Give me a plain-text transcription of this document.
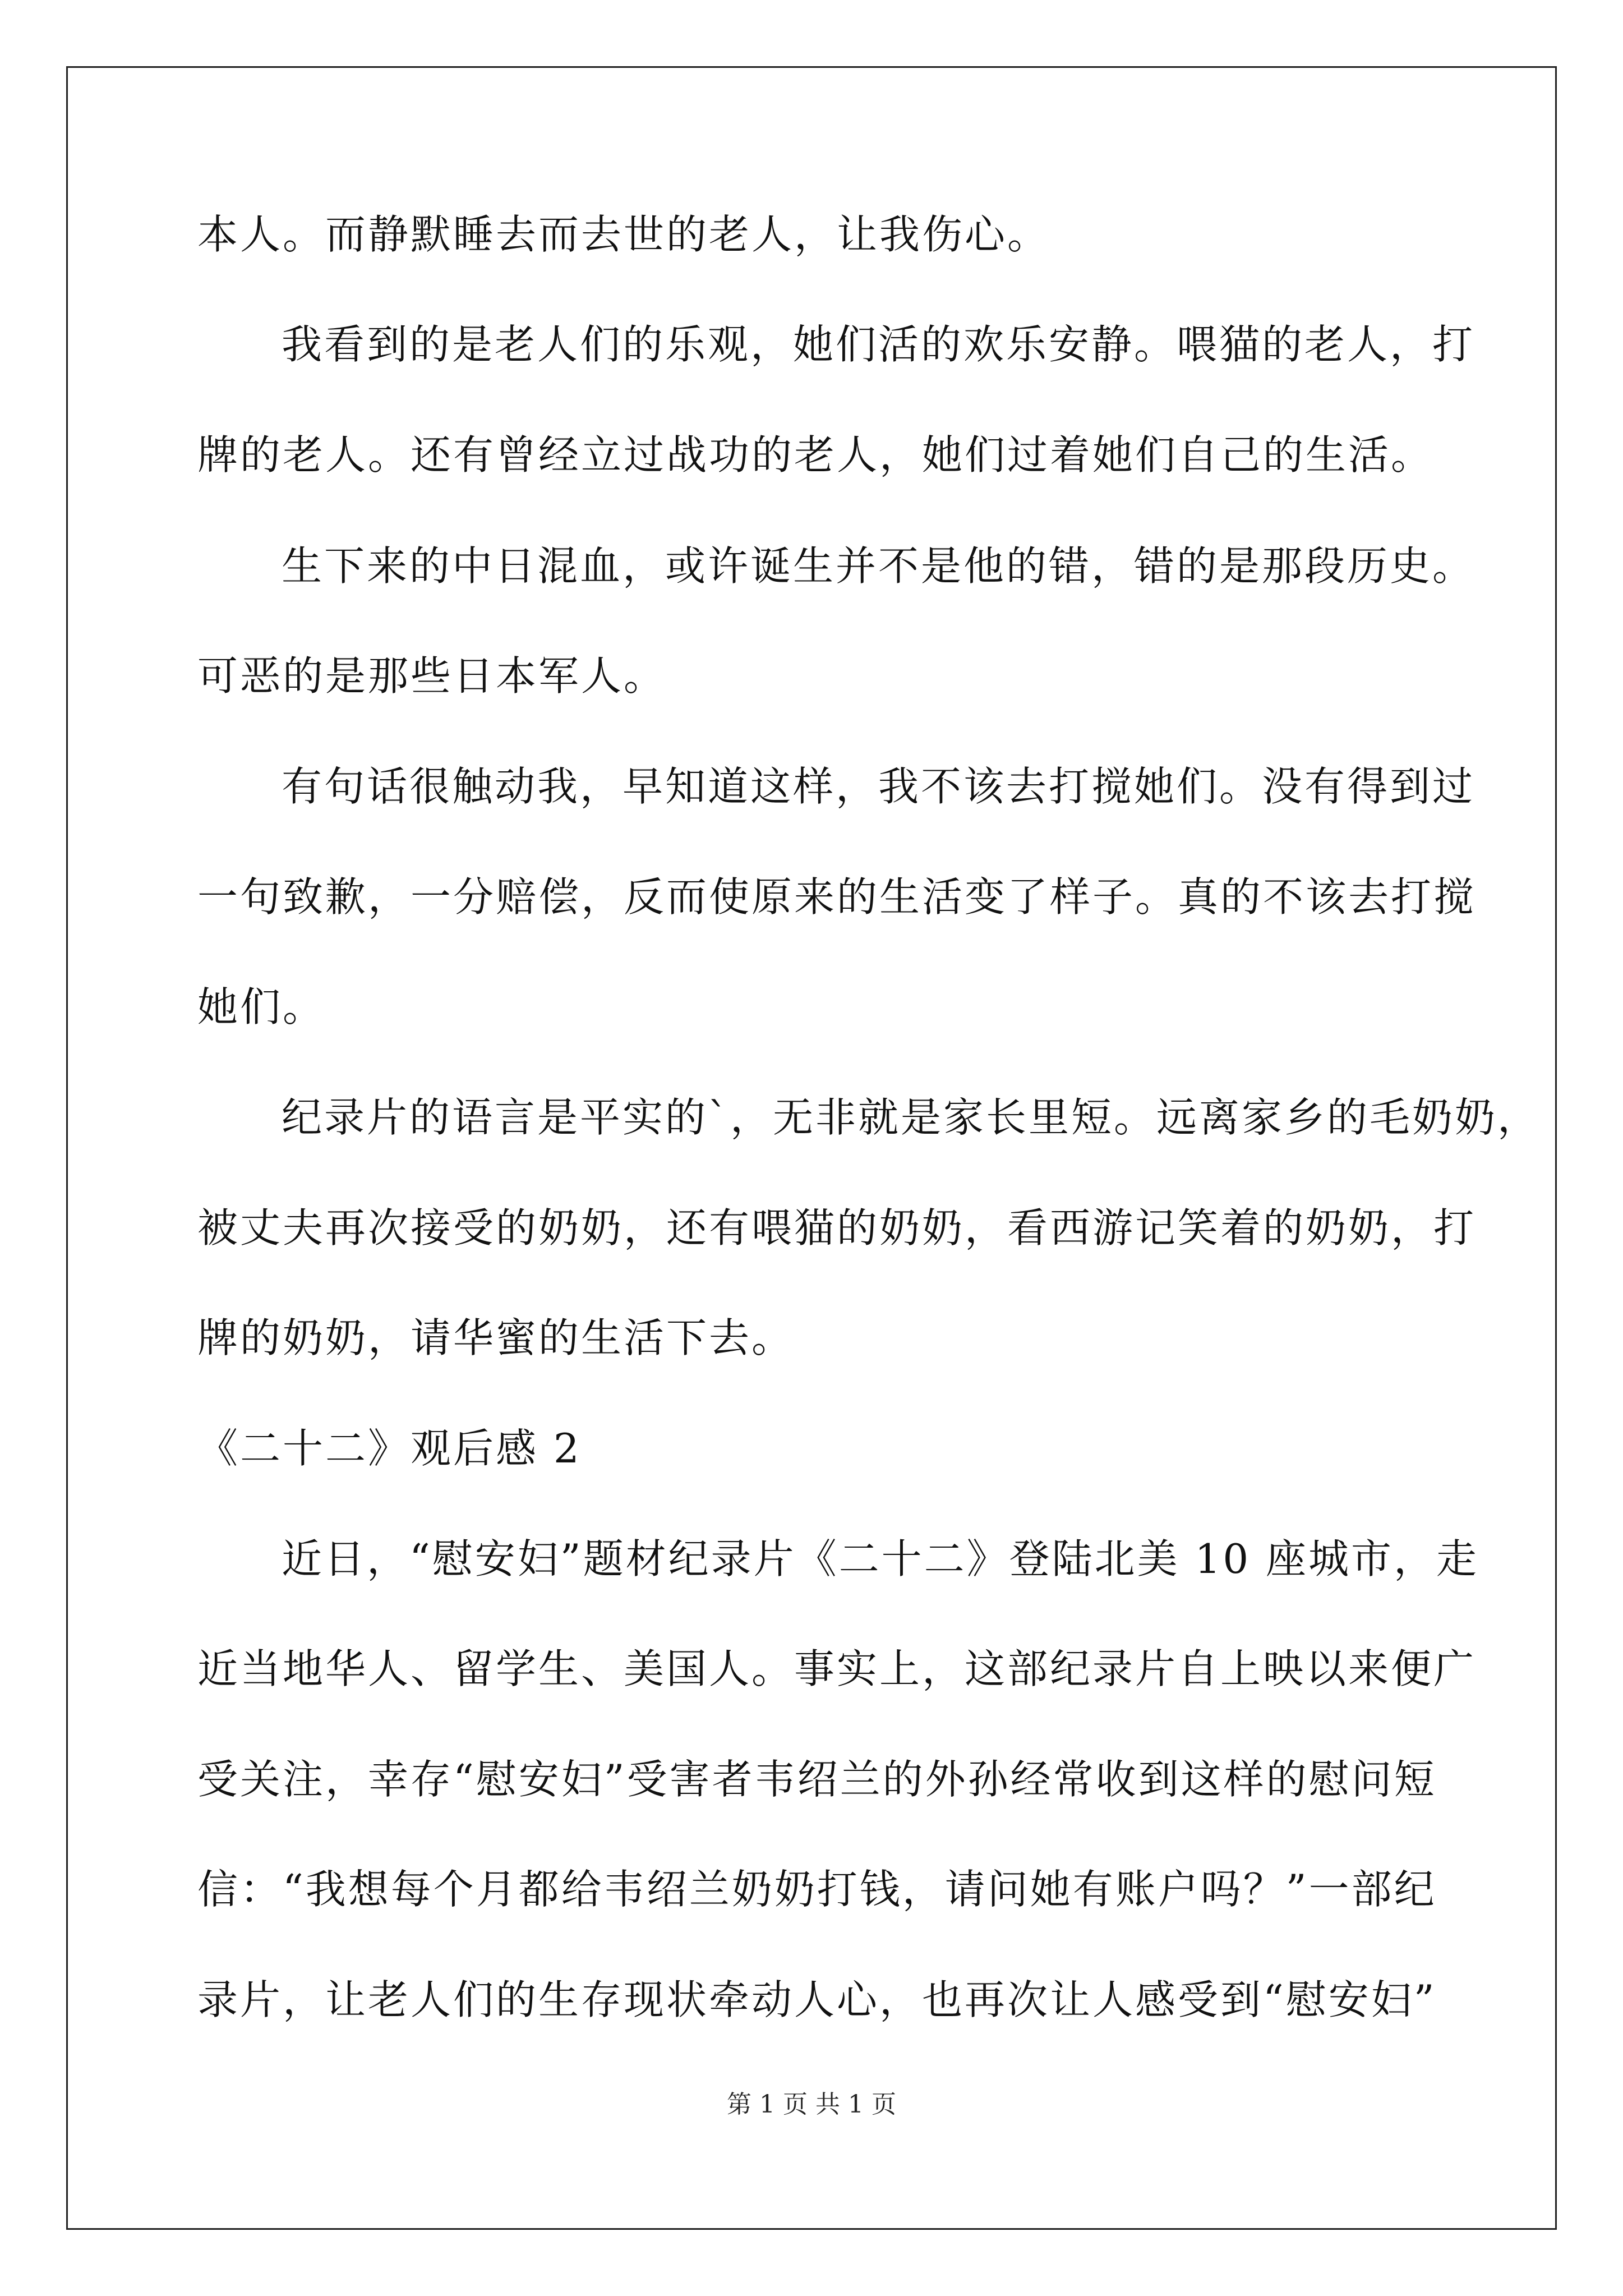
本人。而静默睡去而去世的老人，让我伤心。
我看到的是老人们的乐观，她们活的欢乐安静。喂猫的老人，打
牌的老人。还有曾经立过战功的老人，她们过着她们自己的生活。
生下来的中日混血，或许诞生并不是他的错，错的是那段历史。
可恶的是那些日本军人。
有句话很触动我，早知道这样，我不该去打搅她们。没有得到过
一句致歉，一分赔偿，反而使原来的生活变了样子。真的不该去打搅
她们。
纪录片的语言是平实的`，无非就是家长里短。远离家乡的毛奶奶，
被丈夫再次接受的奶奶，还有喂猫的奶奶，看西游记笑着的奶奶，打
牌的奶奶，请华蜜的生活下去。
《二十二》观后感 2
近日，“慰安妇”题材纪录片《二十二》登陆北美 10 座城市，走
近当地华人、留学生、美国人。事实上，这部纪录片自上映以来便广
受关注，幸存“慰安妇”受害者韦绍兰的外孙经常收到这样的慰问短
信：“我想每个月都给韦绍兰奶奶打钱，请问她有账户吗？”一部纪
录片，让老人们的生存现状牵动人心，也再次让人感受到“慰安妇”
第 1 页 共 1 页
